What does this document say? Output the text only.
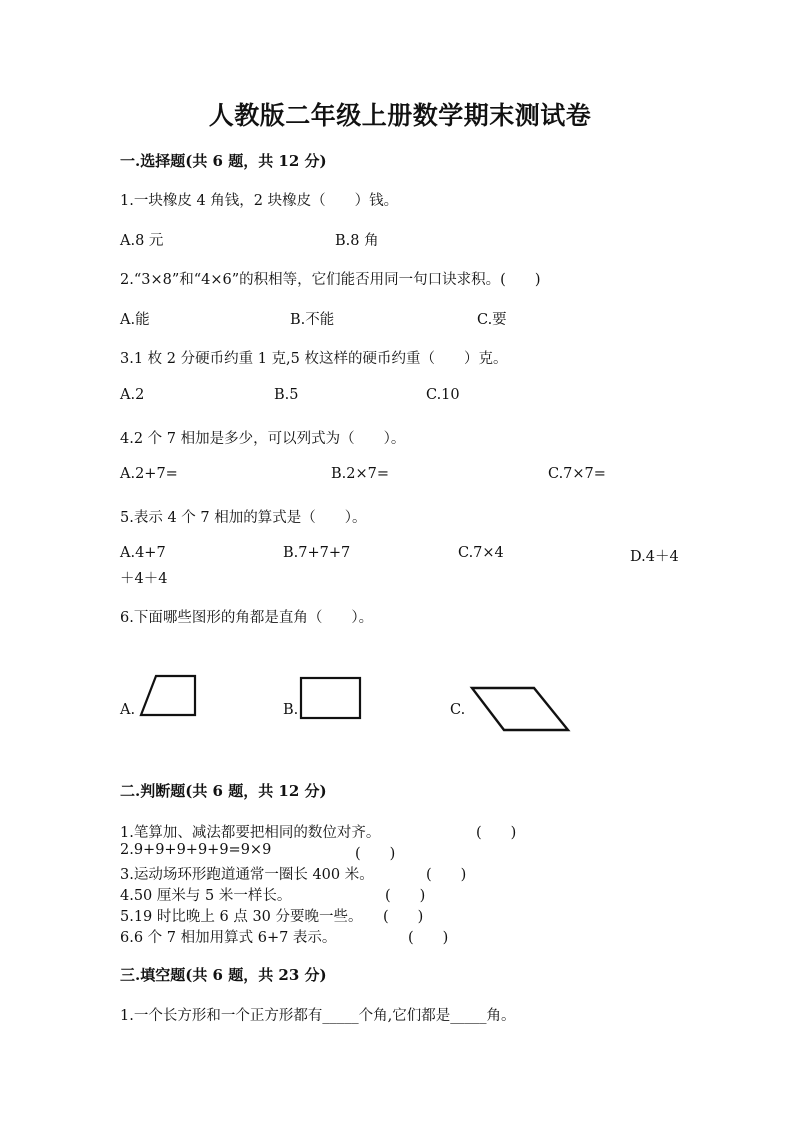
人教版二年级上册数学期末测试卷
一.选择题(共 6 题，共 12 分)
1.一块橡皮 4 角钱，2 块橡皮（　　）钱。
A.8 元	B.8 角
2.“3×8”和“4×6”的积相等，它们能否用同一句口诀求积。(　　)
A.能	B.不能	C.要
3.1 枚 2 分硬币约重 1 克,5 枚这样的硬币约重（　　）克。
A.2	B.5	C.10
4.2 个 7 相加是多少，可以列式为（　　）。
A.2+7=	B.2×7=	C.7×7=
5.表示 4 个 7 相加的算式是（　　）。
A.4+7	B.7+7+7	C.7×4	D.4＋4
＋4＋4
6.下面哪些图形的角都是直角（　　）。
A.	B.	C.
二.判断题(共 6 题，共 12 分)
1.笔算加、减法都要把相同的数位对齐。	(　　)
2.9+9+9+9+9=9×9	(　　)
3.运动场环形跑道通常一圈长 400 米。	(　　)
4.50 厘米与 5 米一样长。	(　　)
5.19 时比晚上 6 点 30 分要晚一些。 (　　)
6.6 个 7 相加用算式 6+7 表示。	(　　)
三.填空题(共 6 题，共 23 分)
1.一个长方形和一个正方形都有_____个角,它们都是_____角。
